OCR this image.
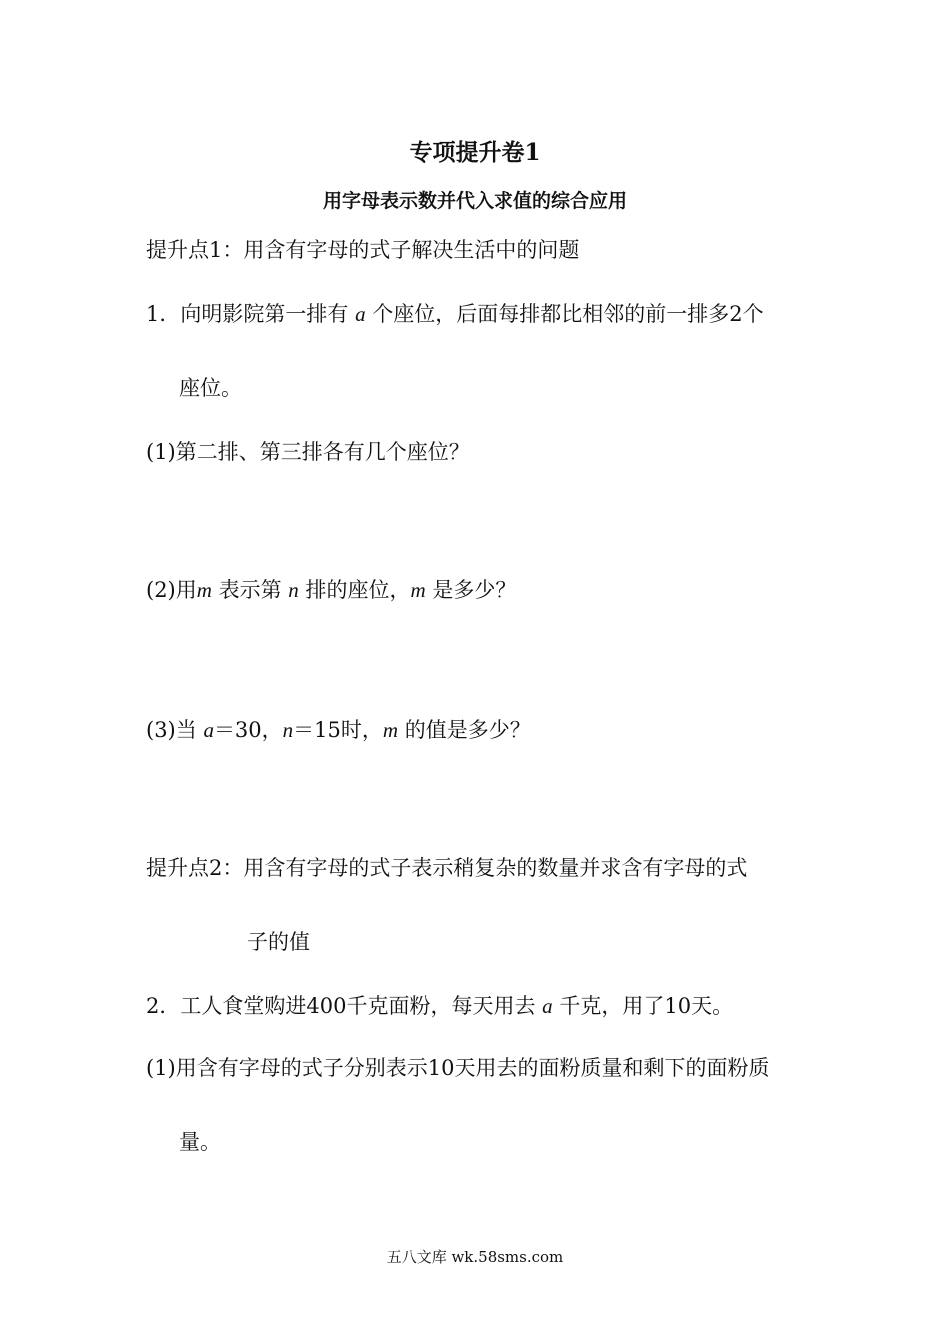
专项提升卷1
用字母表示数并代入求值的综合应用
提升点1：用含有字母的式子解决生活中的问题
1．向明影院第一排有 a 个座位，后面每排都比相邻的前一排多2个
座位。
(1)第二排、第三排各有几个座位？
(2)用m 表示第 n 排的座位，m 是多少？
(3)当 a＝30，n＝15时，m 的值是多少？
提升点2：用含有字母的式子表示稍复杂的数量并求含有字母的式
子的值
2．工人食堂购进400千克面粉，每天用去 a 千克，用了10天。
(1)用含有字母的式子分别表示10天用去的面粉质量和剩下的面粉质
量。
五八文库 wk.58sms.com
